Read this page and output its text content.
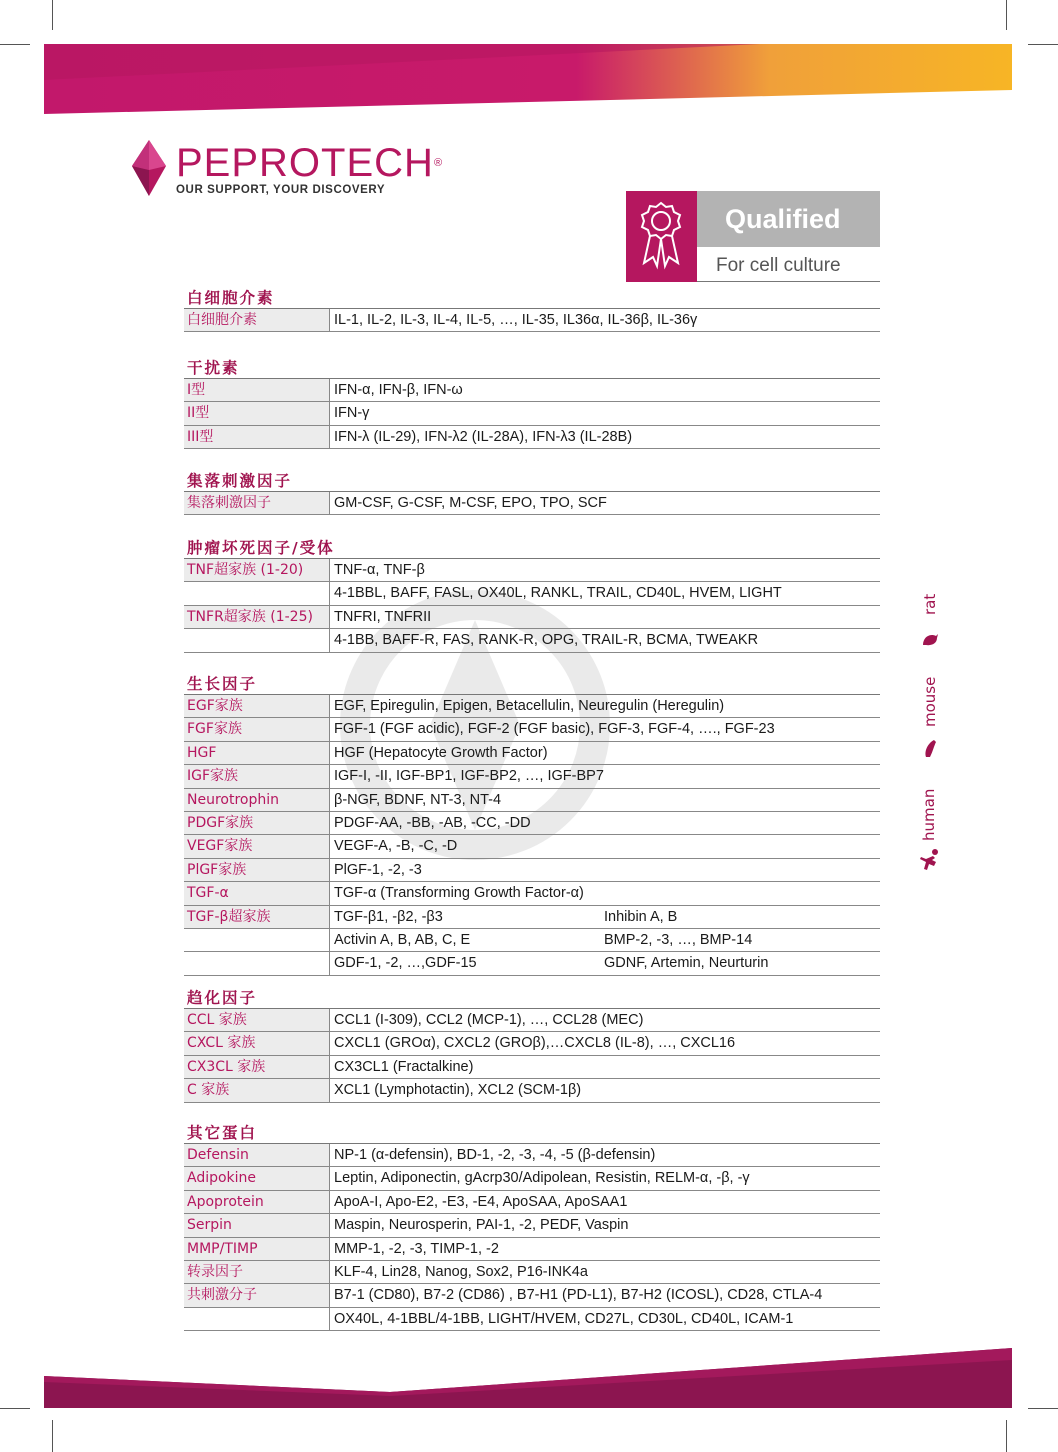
PEPROTECH®
OUR SUPPORT, YOUR DISCOVERY
Qualified
For cell culture
白细胞介素
白细胞介素	IL-1, IL-2, IL-3, IL-4, IL-5, …, IL-35, IL36α, IL-36β, IL-36γ
干扰素
I型	IFN-α, IFN-β, IFN-ω
II型	IFN-γ
III型	IFN-λ (IL-29), IFN-λ2 (IL-28A), IFN-λ3 (IL-28B)
集落刺激因子
集落刺激因子	GM-CSF, G-CSF, M-CSF, EPO, TPO, SCF
肿瘤坏死因子/受体
TNF超家族 (1-20)	TNF-α, TNF-β
4-1BBL, BAFF, FASL, OX40L, RANKL, TRAIL, CD40L, HVEM, LIGHT
TNFR超家族 (1-25)	TNFRI, TNFRII
4-1BB, BAFF-R, FAS, RANK-R, OPG, TRAIL-R, BCMA, TWEAKR
生长因子
EGF家族	EGF, Epiregulin, Epigen, Betacellulin, Neuregulin (Heregulin)
FGF家族	FGF-1 (FGF acidic), FGF-2 (FGF basic), FGF-3, FGF-4, …., FGF-23
HGF	HGF (Hepatocyte Growth Factor)
IGF家族	IGF-I, -II, IGF-BP1, IGF-BP2, …, IGF-BP7
Neurotrophin	β-NGF, BDNF, NT-3, NT-4
PDGF家族	PDGF-AA, -BB, -AB, -CC, -DD
VEGF家族	VEGF-A, -B, -C, -D
PlGF家族	PlGF-1, -2, -3
TGF-α	TGF-α (Transforming Growth Factor-α)
TGF-β超家族	TGF-β1, -β2, -β3	Inhibin A, B
Activin A, B, AB, C, E	BMP-2, -3, …, BMP-14
GDF-1, -2, …,GDF-15	GDNF, Artemin, Neurturin
趋化因子
CCL 家族	CCL1 (I-309), CCL2 (MCP-1), …, CCL28 (MEC)
CXCL 家族	CXCL1 (GROα), CXCL2 (GROβ),…CXCL8 (IL-8), …, CXCL16
CX3CL 家族	CX3CL1 (Fractalkine)
C 家族	XCL1 (Lymphotactin), XCL2 (SCM-1β)
其它蛋白
Defensin	NP-1 (α-defensin), BD-1, -2, -3, -4, -5 (β-defensin)
Adipokine	Leptin, Adiponectin, gAcrp30/Adipolean, Resistin, RELM-α, -β, -γ
Apoprotein	ApoA-I, Apo-E2, -E3, -E4, ApoSAA, ApoSAA1
Serpin	Maspin, Neurosperin, PAI-1, -2, PEDF, Vaspin
MMP/TIMP	MMP-1, -2, -3, TIMP-1, -2
转录因子	KLF-4, Lin28, Nanog, Sox2, P16-INK4a
共刺激分子	B7-1 (CD80), B7-2 (CD86) , B7-H1 (PD-L1), B7-H2 (ICOSL), CD28, CTLA-4
OX40L, 4-1BBL/4-1BB, LIGHT/HVEM, CD27L, CD30L, CD40L, ICAM-1
rat
mouse
human
